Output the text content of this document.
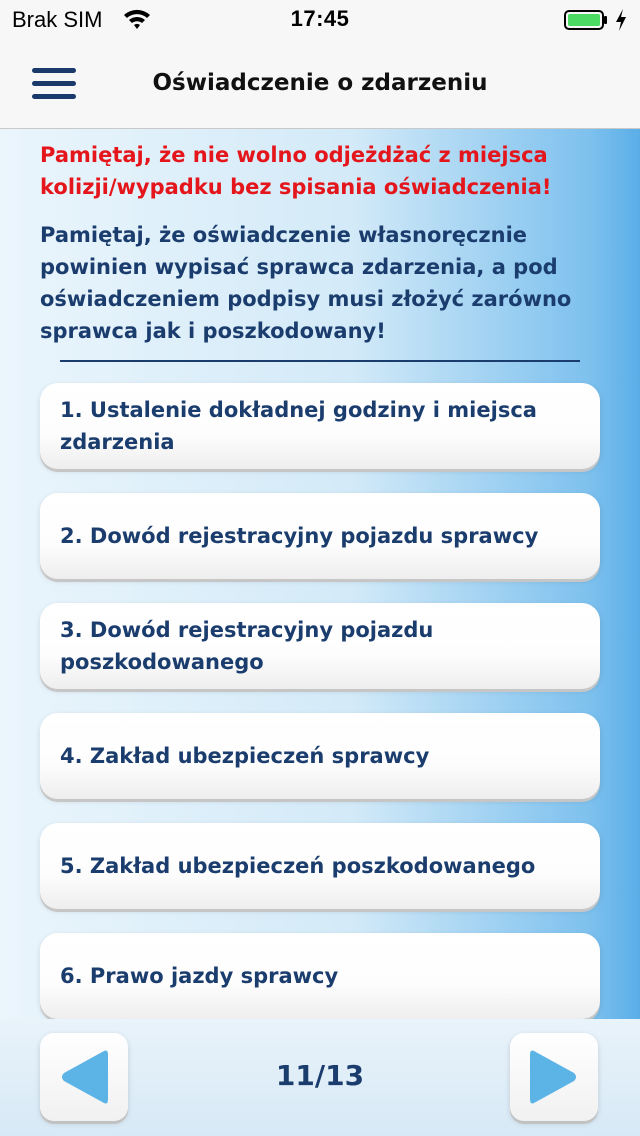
Brak SIM	17:45
Oświadczenie o zdarzeniu
Pamiętaj, że nie wolno odjeżdżać z miejsca kolizji/wypadku bez spisania oświadczenia!
Pamiętaj, że oświadczenie własnoręcznie powinien wypisać sprawca zdarzenia, a pod oświadczeniem podpisy musi złożyć zarówno sprawca jak i poszkodowany!
1. Ustalenie dokładnej godziny i miejsca zdarzenia
2. Dowód rejestracyjny pojazdu sprawcy
3. Dowód rejestracyjny pojazdu poszkodowanego
4. Zakład ubezpieczeń sprawcy
5. Zakład ubezpieczeń poszkodowanego
6. Prawo jazdy sprawcy
11/13
